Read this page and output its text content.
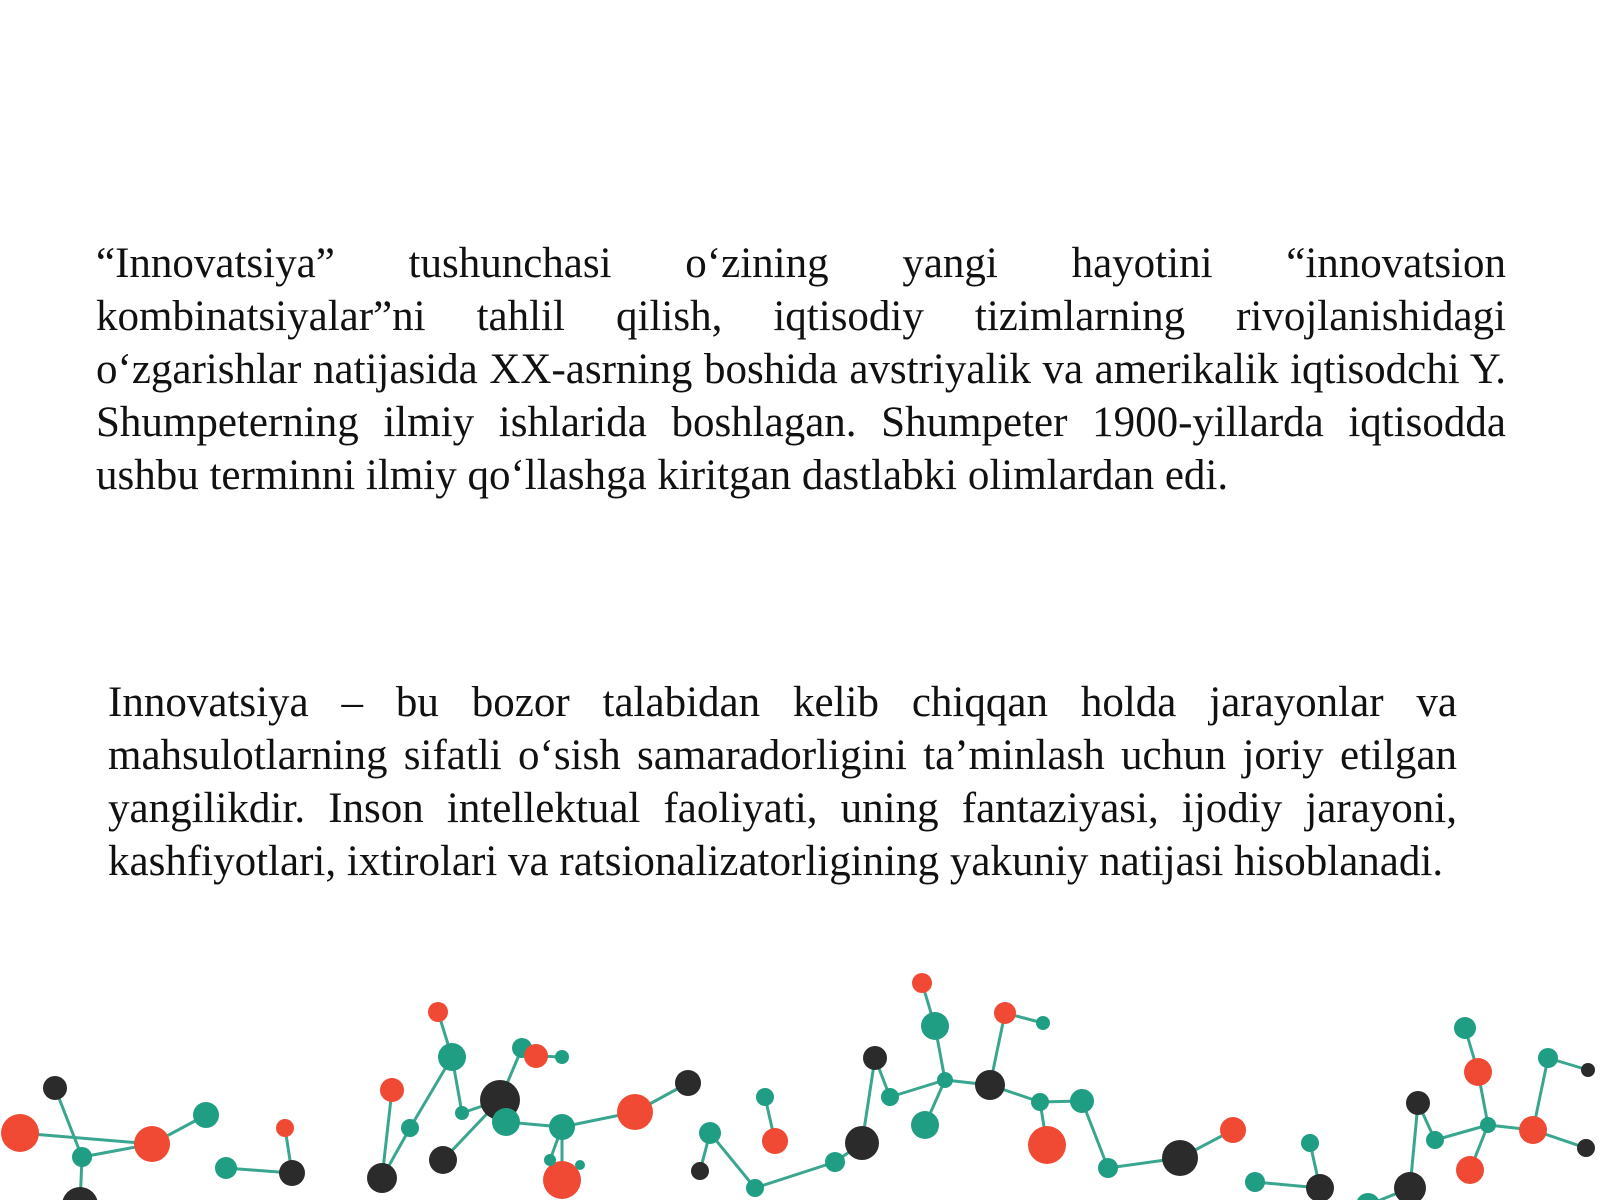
“Innovatsiya” tushunchasi o‘zining yangi hayotini “innovatsion kombinatsiyalar”ni tahlil qilish, iqtisodiy tizimlarning rivojlanishidagi o‘zgarishlar natijasida XX-asrning boshida avstriyalik va amerikalik iqtisodchi Y. Shumpeterning ilmiy ishlarida boshlagan. Shumpeter 1900-yillarda iqtisodda ushbu terminni ilmiy qo‘llashga kiritgan dastlabki olimlardan edi.

Innovatsiya – bu bozor talabidan kelib chiqqan holda jarayonlar va mahsulotlarning sifatli o‘sish samaradorligini ta’minlash uchun joriy etilgan yangilikdir. Inson intellektual faoliyati, uning fantaziyasi, ijodiy jarayoni, kashfiyotlari, ixtirolari va ratsionalizatorligining yakuniy natijasi hisoblanadi.
